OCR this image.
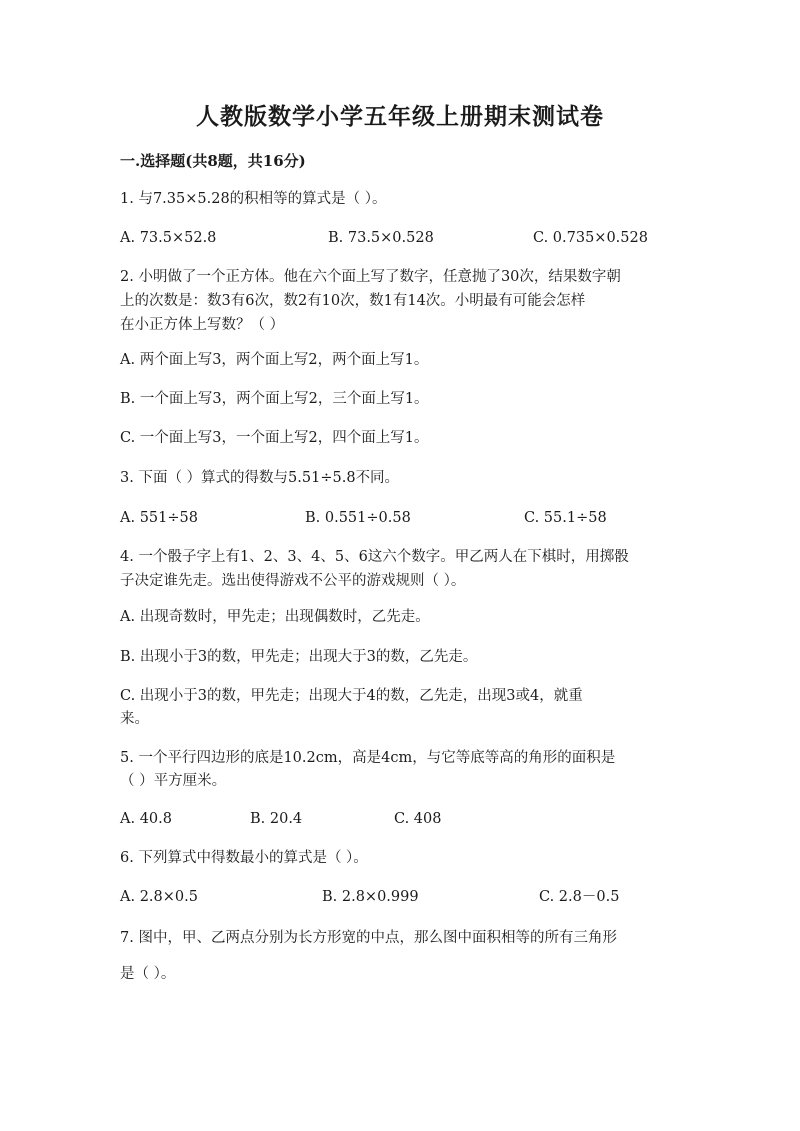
人教版数学小学五年级上册期末测试卷
一.选择题(共8题，共16分)
1. 与7.35×5.28的积相等的算式是（ ）。
A. 73.5×52.8	B. 73.5×0.528	C. 0.735×0.528
2. 小明做了一个正方体。他在六个面上写了数字，任意抛了30次，结果数字朝
上的次数是：数3有6次，数2有10次，数1有14次。小明最有可能会怎样
在小正方体上写数？（ ）
A. 两个面上写3，两个面上写2，两个面上写1。
B. 一个面上写3，两个面上写2，三个面上写1。
C. 一个面上写3，一个面上写2，四个面上写1。
3. 下面（ ）算式的得数与5.51÷5.8不同。
A. 551÷58	B. 0.551÷0.58	C. 55.1÷58
4. 一个骰子字上有1、2、3、4、5、6这六个数字。甲乙两人在下棋时，用掷骰
子决定谁先走。选出使得游戏不公平的游戏规则（ ）。
A. 出现奇数时，甲先走；出现偶数时，乙先走。
B. 出现小于3的数，甲先走；出现大于3的数，乙先走。
C. 出现小于3的数，甲先走；出现大于4的数，乙先走，出现3或4，就重
来。
5. 一个平行四边形的底是10.2cm，高是4cm，与它等底等高的角形的面积是
（ ）平方厘米。
A. 40.8	B. 20.4	C. 408
6. 下列算式中得数最小的算式是（ ）。
A. 2.8×0.5	B. 2.8×0.999	C. 2.8－0.5
7. 图中，甲、乙两点分别为长方形宽的中点，那么图中面积相等的所有三角形
是（ ）。
